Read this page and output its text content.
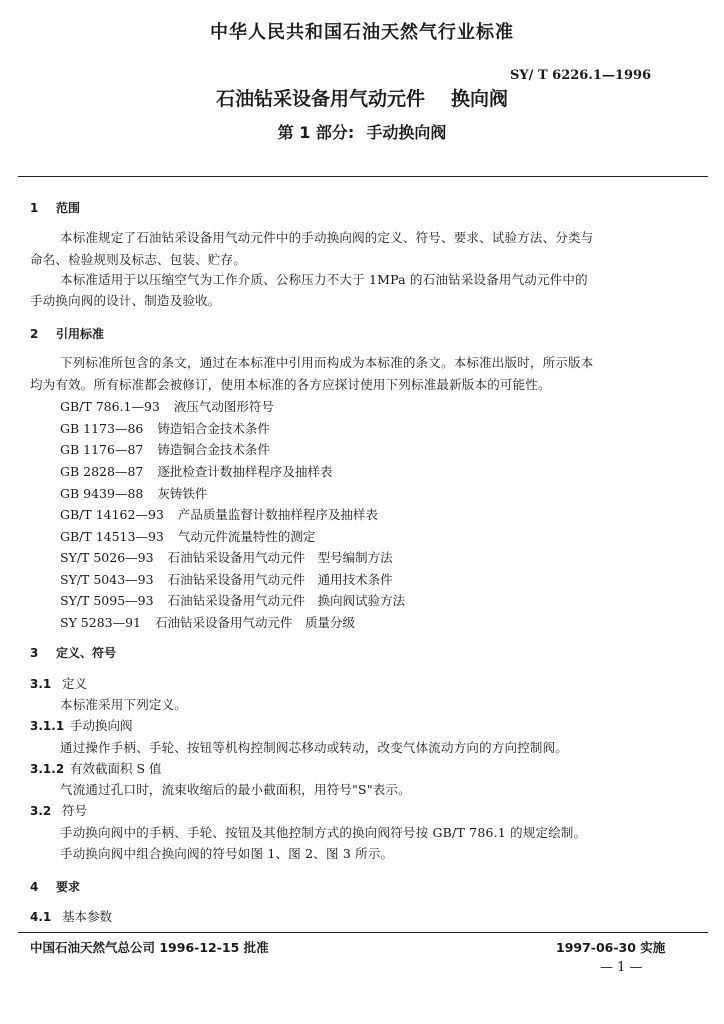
中华人民共和国石油天然气行业标准
SY/ T 6226.1—1996
石油钻采设备用气动元件 换向阀
第 1 部分: 手动换向阀
1 范围
本标准规定了石油钻采设备用气动元件中的手动换向阀的定义、符号、要求、试验方法、分类与
命名、检验规则及标志、包装、贮存。
本标准适用于以压缩空气为工作介质、公称压力不大于 1MPa 的石油钻采设备用气动元件中的
手动换向阀的设计、制造及验收。
2 引用标准
下列标准所包含的条文，通过在本标准中引用而构成为本标准的条文。本标准出版时，所示版本
均为有效。所有标准都会被修订，使用本标准的各方应探讨使用下列标准最新版本的可能性。
GB/T 786.1—93 液压气动图形符号
GB 1173—86 铸造铝合金技术条件
GB 1176—87 铸造铜合金技术条件
GB 2828—87 逐批检查计数抽样程序及抽样表
GB 9439—88 灰铸铁件
GB/T 14162—93 产品质量监督计数抽样程序及抽样表
GB/T 14513—93 气动元件流量特性的测定
SY/T 5026—93 石油钻采设备用气动元件　型号编制方法
SY/T 5043—93 石油钻采设备用气动元件　通用技术条件
SY/T 5095—93 石油钻采设备用气动元件　换向阀试验方法
SY 5283—91 石油钻采设备用气动元件　质量分级
3 定义、符号
3.1 定义
本标准采用下列定义。
3.1.1 手动换向阀
通过操作手柄、手轮、按钮等机构控制阀芯移动或转动，改变气体流动方向的方向控制阀。
3.1.2 有效截面积 S 值
气流通过孔口时，流束收缩后的最小截面积，用符号"S"表示。
3.2 符号
手动换向阀中的手柄、手轮、按钮及其他控制方式的换向阀符号按 GB/T 786.1 的规定绘制。
手动换向阀中组合换向阀的符号如图 1、图 2、图 3 所示。
4 要求
4.1 基本参数
中国石油天然气总公司 1996-12-15 批准	1997-06-30 实施
— 1 —
